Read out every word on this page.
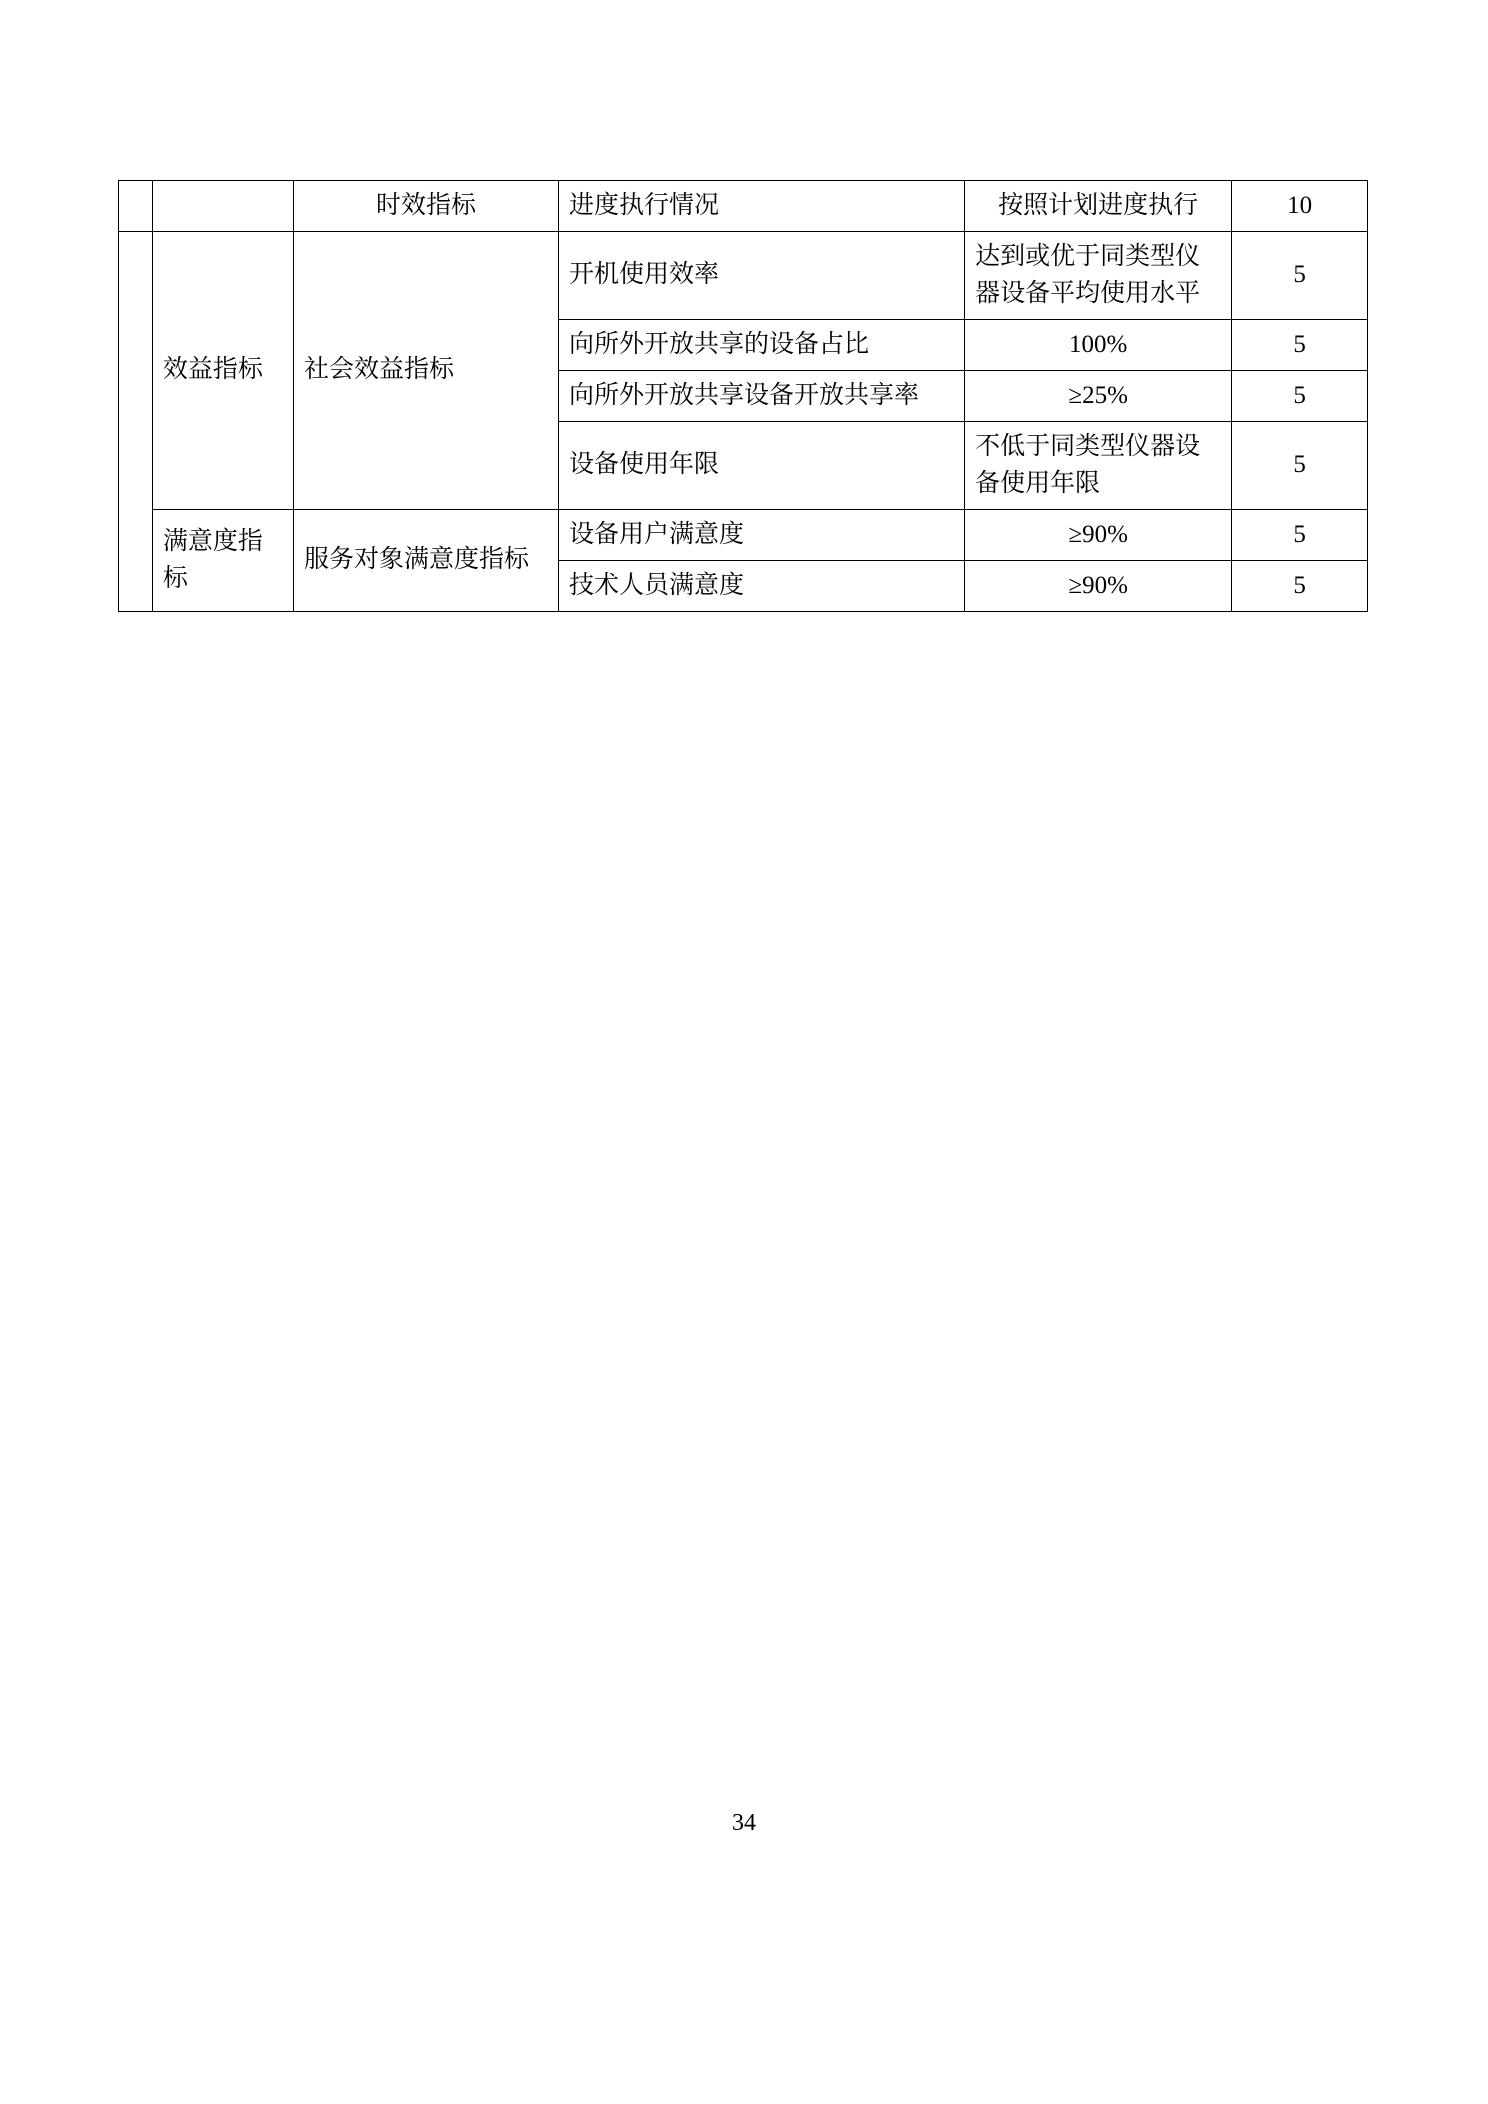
		时效指标	进度执行情况	按照计划进度执行	10
	效益指标	社会效益指标	开机使用效率	达到或优于同类型仪器设备平均使用水平	5
			向所外开放共享的设备占比	100%	5
			向所外开放共享设备开放共享率	≥25%	5
			设备使用年限	不低于同类型仪器设备使用年限	5
	满意度指标	服务对象满意度指标	设备用户满意度	≥90%	5
			技术人员满意度	≥90%	5
34
